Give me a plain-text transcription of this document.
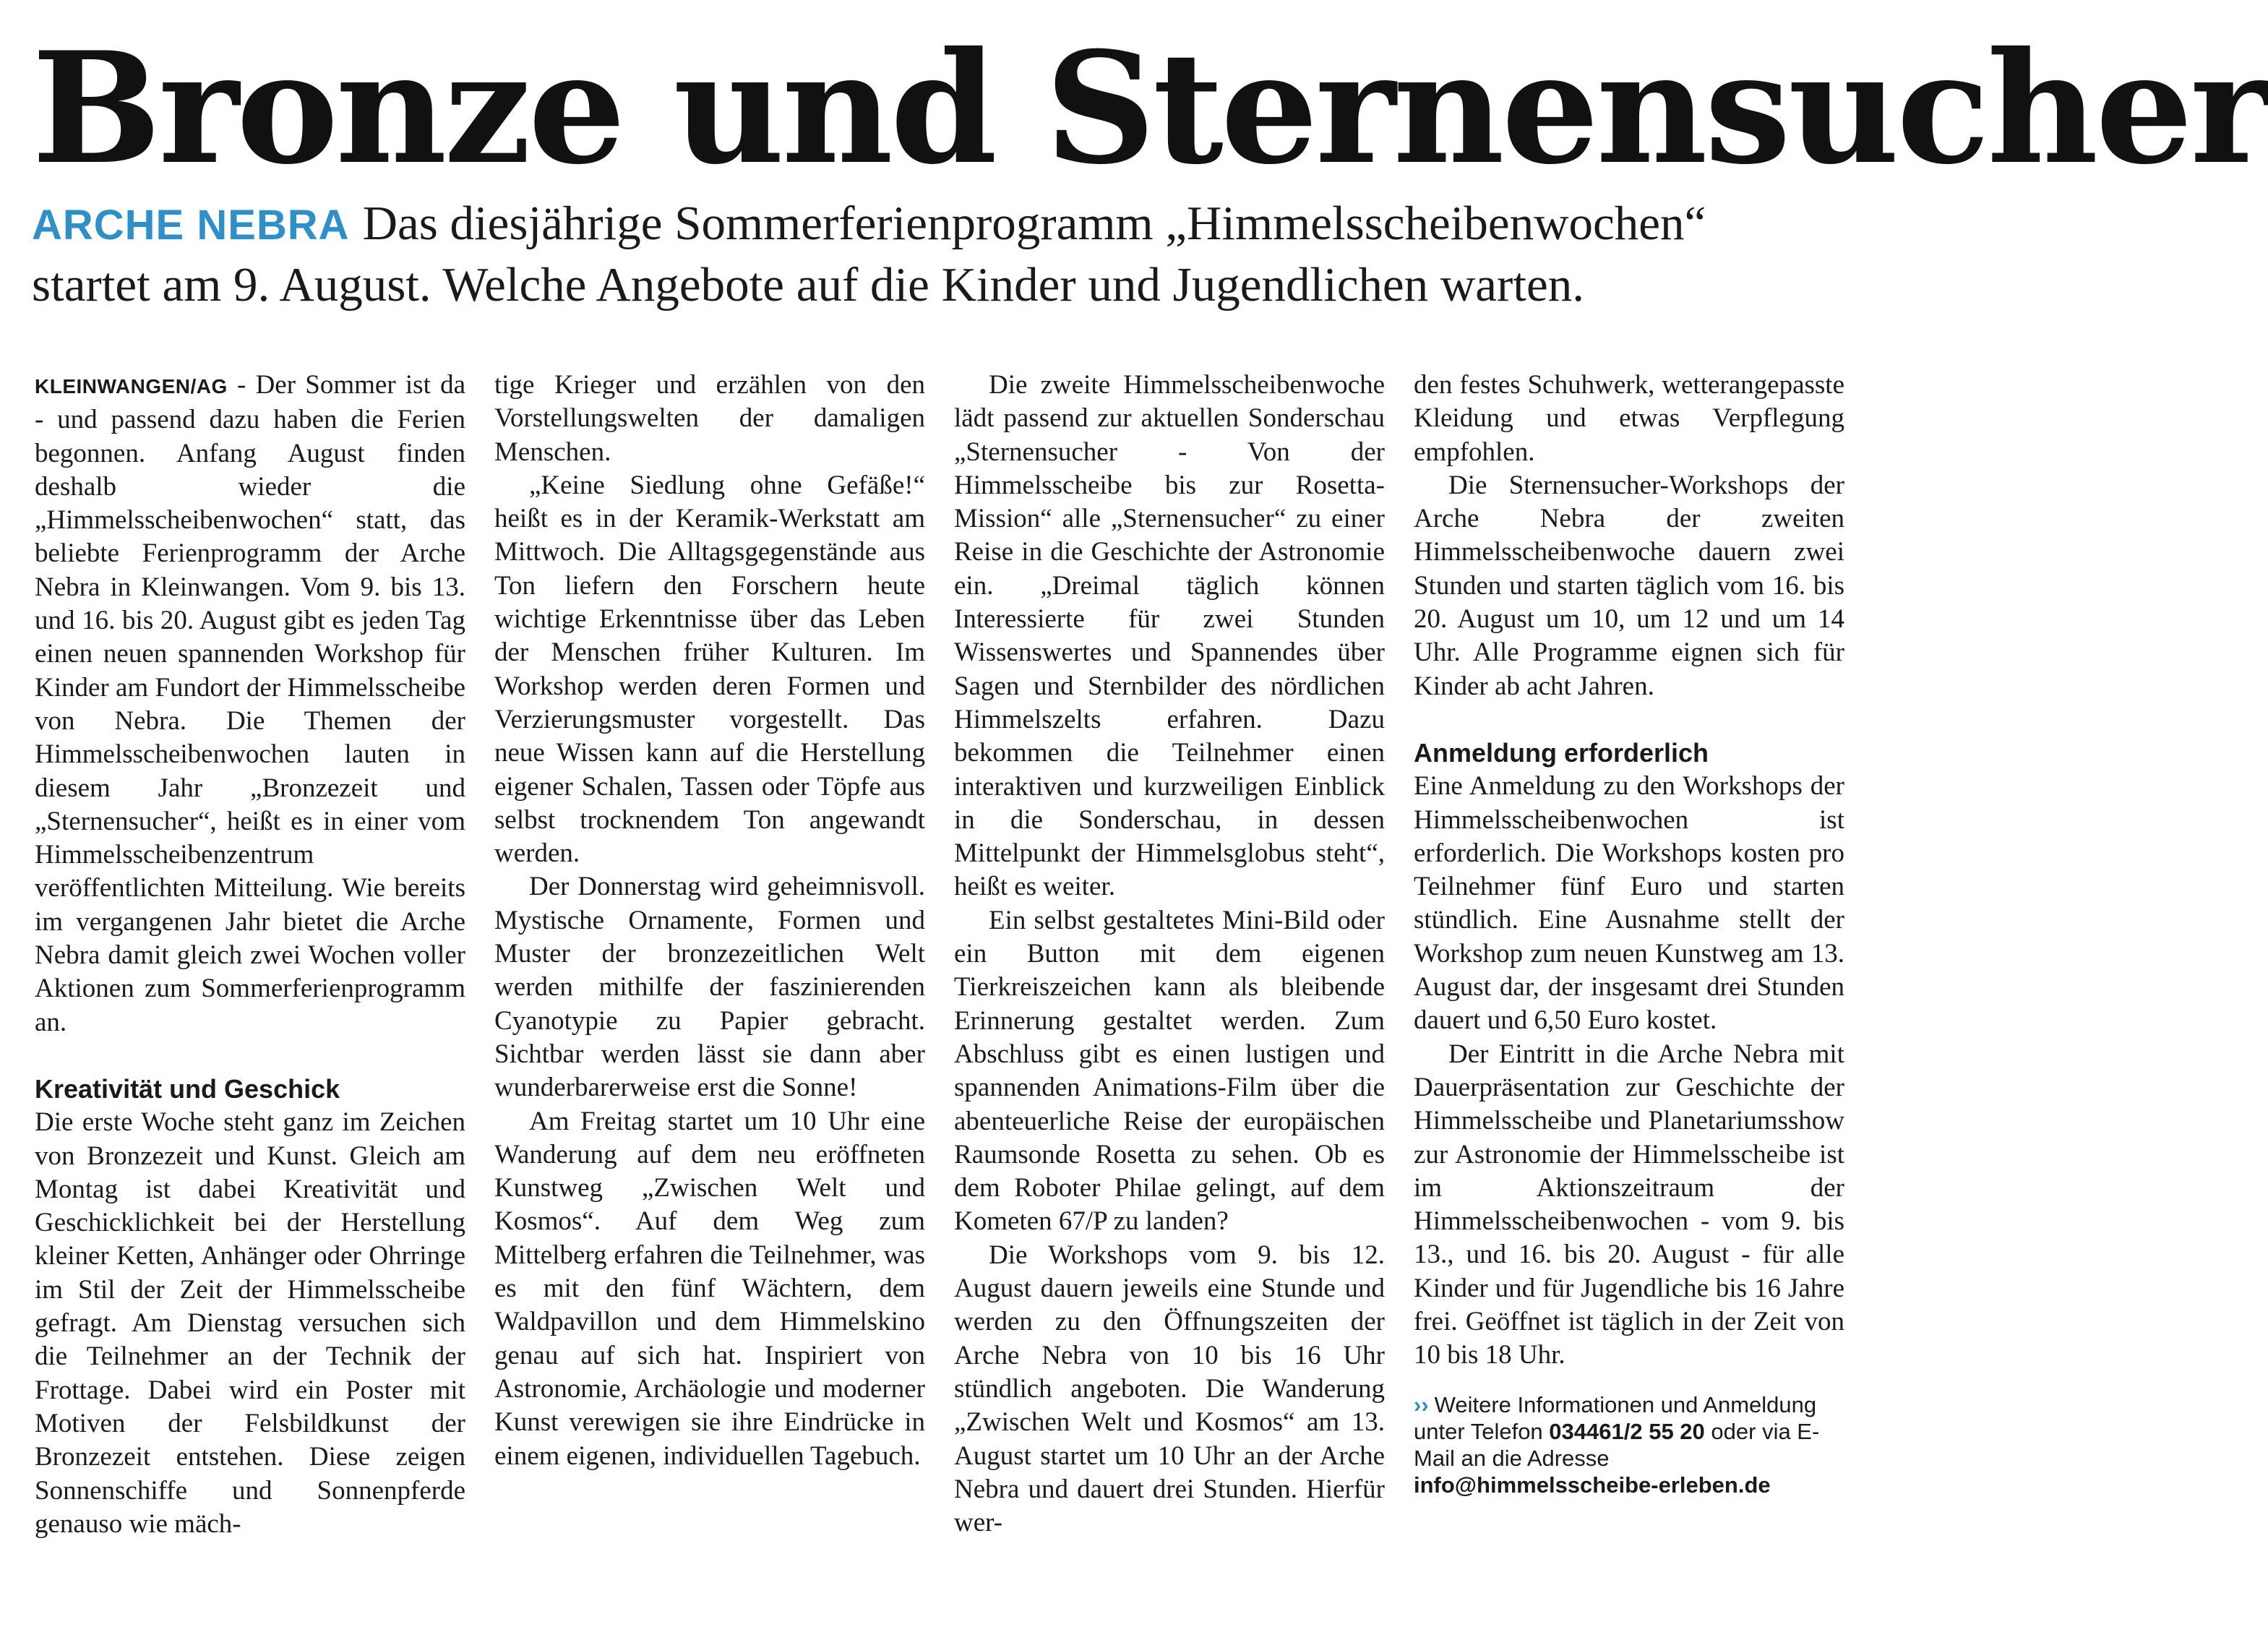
Bronze und Sternensucher

ARCHE NEBRA Das diesjährige Sommerferienprogramm „Himmelsscheibenwochen“ startet am 9. August. Welche Angebote auf die Kinder und Jugendlichen warten.

KLEINWANGEN/AG - Der Sommer ist da - und passend dazu haben die Ferien begonnen. Anfang August finden deshalb wieder die „Himmelsscheibenwochen“ statt, das beliebte Ferienprogramm der Arche Nebra in Kleinwangen. Vom 9. bis 13. und 16. bis 20. August gibt es jeden Tag einen neuen spannenden Workshop für Kinder am Fundort der Himmelsscheibe von Nebra. Die Themen der Himmelsscheibenwochen lauten in diesem Jahr „Bronzezeit und „Sternensucher“, heißt es in einer vom Himmelsscheibenzentrum veröffentlichten Mitteilung. Wie bereits im vergangenen Jahr bietet die Arche Nebra damit gleich zwei Wochen voller Aktionen zum Sommerferienprogramm an.

Kreativität und Geschick

Die erste Woche steht ganz im Zeichen von Bronzezeit und Kunst. Gleich am Montag ist dabei Kreativität und Geschicklichkeit bei der Herstellung kleiner Ketten, Anhänger oder Ohrringe im Stil der Zeit der Himmelsscheibe gefragt. Am Dienstag versuchen sich die Teilnehmer an der Technik der Frottage. Dabei wird ein Poster mit Motiven der Felsbildkunst der Bronzezeit entstehen. Diese zeigen Sonnenschiffe und Sonnenpferde genauso wie mäch-

tige Krieger und erzählen von den Vorstellungswelten der damaligen Menschen.

„Keine Siedlung ohne Gefäße!“ heißt es in der Keramik-Werkstatt am Mittwoch. Die Alltagsgegenstände aus Ton liefern den Forschern heute wichtige Erkenntnisse über das Leben der Menschen früher Kulturen. Im Workshop werden deren Formen und Verzierungsmuster vorgestellt. Das neue Wissen kann auf die Herstellung eigener Schalen, Tassen oder Töpfe aus selbst trocknendem Ton angewandt werden.

Der Donnerstag wird geheimnisvoll. Mystische Ornamente, Formen und Muster der bronzezeitlichen Welt werden mithilfe der faszinierenden Cyanotypie zu Papier gebracht. Sichtbar werden lässt sie dann aber wunderbarerweise erst die Sonne!

Am Freitag startet um 10 Uhr eine Wanderung auf dem neu eröffneten Kunstweg „Zwischen Welt und Kosmos“. Auf dem Weg zum Mittelberg erfahren die Teilnehmer, was es mit den fünf Wächtern, dem Waldpavillon und dem Himmelskino genau auf sich hat. Inspiriert von Astronomie, Archäologie und moderner Kunst verewigen sie ihre Eindrücke in einem eigenen, individuellen Tagebuch.

Die zweite Himmelsscheibenwoche lädt passend zur aktuellen Sonderschau „Sternensucher - Von der Himmelsscheibe bis zur Rosetta-Mission“ alle „Sternensucher“ zu einer Reise in die Geschichte der Astronomie ein. „Dreimal täglich können Interessierte für zwei Stunden Wissenswertes und Spannendes über Sagen und Sternbilder des nördlichen Himmelszelts erfahren. Dazu bekommen die Teilnehmer einen interaktiven und kurzweiligen Einblick in die Sonderschau, in dessen Mittelpunkt der Himmelsglobus steht“, heißt es weiter.

Ein selbst gestaltetes Mini-Bild oder ein Button mit dem eigenen Tierkreiszeichen kann als bleibende Erinnerung gestaltet werden. Zum Abschluss gibt es einen lustigen und spannenden Animations-Film über die abenteuerliche Reise der europäischen Raumsonde Rosetta zu sehen. Ob es dem Roboter Philae gelingt, auf dem Kometen 67/P zu landen?

Die Workshops vom 9. bis 12. August dauern jeweils eine Stunde und werden zu den Öffnungszeiten der Arche Nebra von 10 bis 16 Uhr stündlich angeboten. Die Wanderung „Zwischen Welt und Kosmos“ am 13. August startet um 10 Uhr an der Arche Nebra und dauert drei Stunden. Hierfür wer-

den festes Schuhwerk, wetterangepasste Kleidung und etwas Verpflegung empfohlen.

Die Sternensucher-Workshops der Arche Nebra der zweiten Himmelsscheibenwoche dauern zwei Stunden und starten täglich vom 16. bis 20. August um 10, um 12 und um 14 Uhr. Alle Programme eignen sich für Kinder ab acht Jahren.

Anmeldung erforderlich

Eine Anmeldung zu den Workshops der Himmelsscheibenwochen ist erforderlich. Die Workshops kosten pro Teilnehmer fünf Euro und starten stündlich. Eine Ausnahme stellt der Workshop zum neuen Kunstweg am 13. August dar, der insgesamt drei Stunden dauert und 6,50 Euro kostet.

Der Eintritt in die Arche Nebra mit Dauerpräsentation zur Geschichte der Himmelsscheibe und Planetariumsshow zur Astronomie der Himmelsscheibe ist im Aktionszeitraum der Himmelsscheibenwochen - vom 9. bis 13., und 16. bis 20. August - für alle Kinder und für Jugendliche bis 16 Jahre frei. Geöffnet ist täglich in der Zeit von 10 bis 18 Uhr.

›› Weitere Informationen und Anmeldung unter Telefon 034461/2 55 20 oder via E-Mail an die Adresse info@himmelsscheibe-erleben.de
